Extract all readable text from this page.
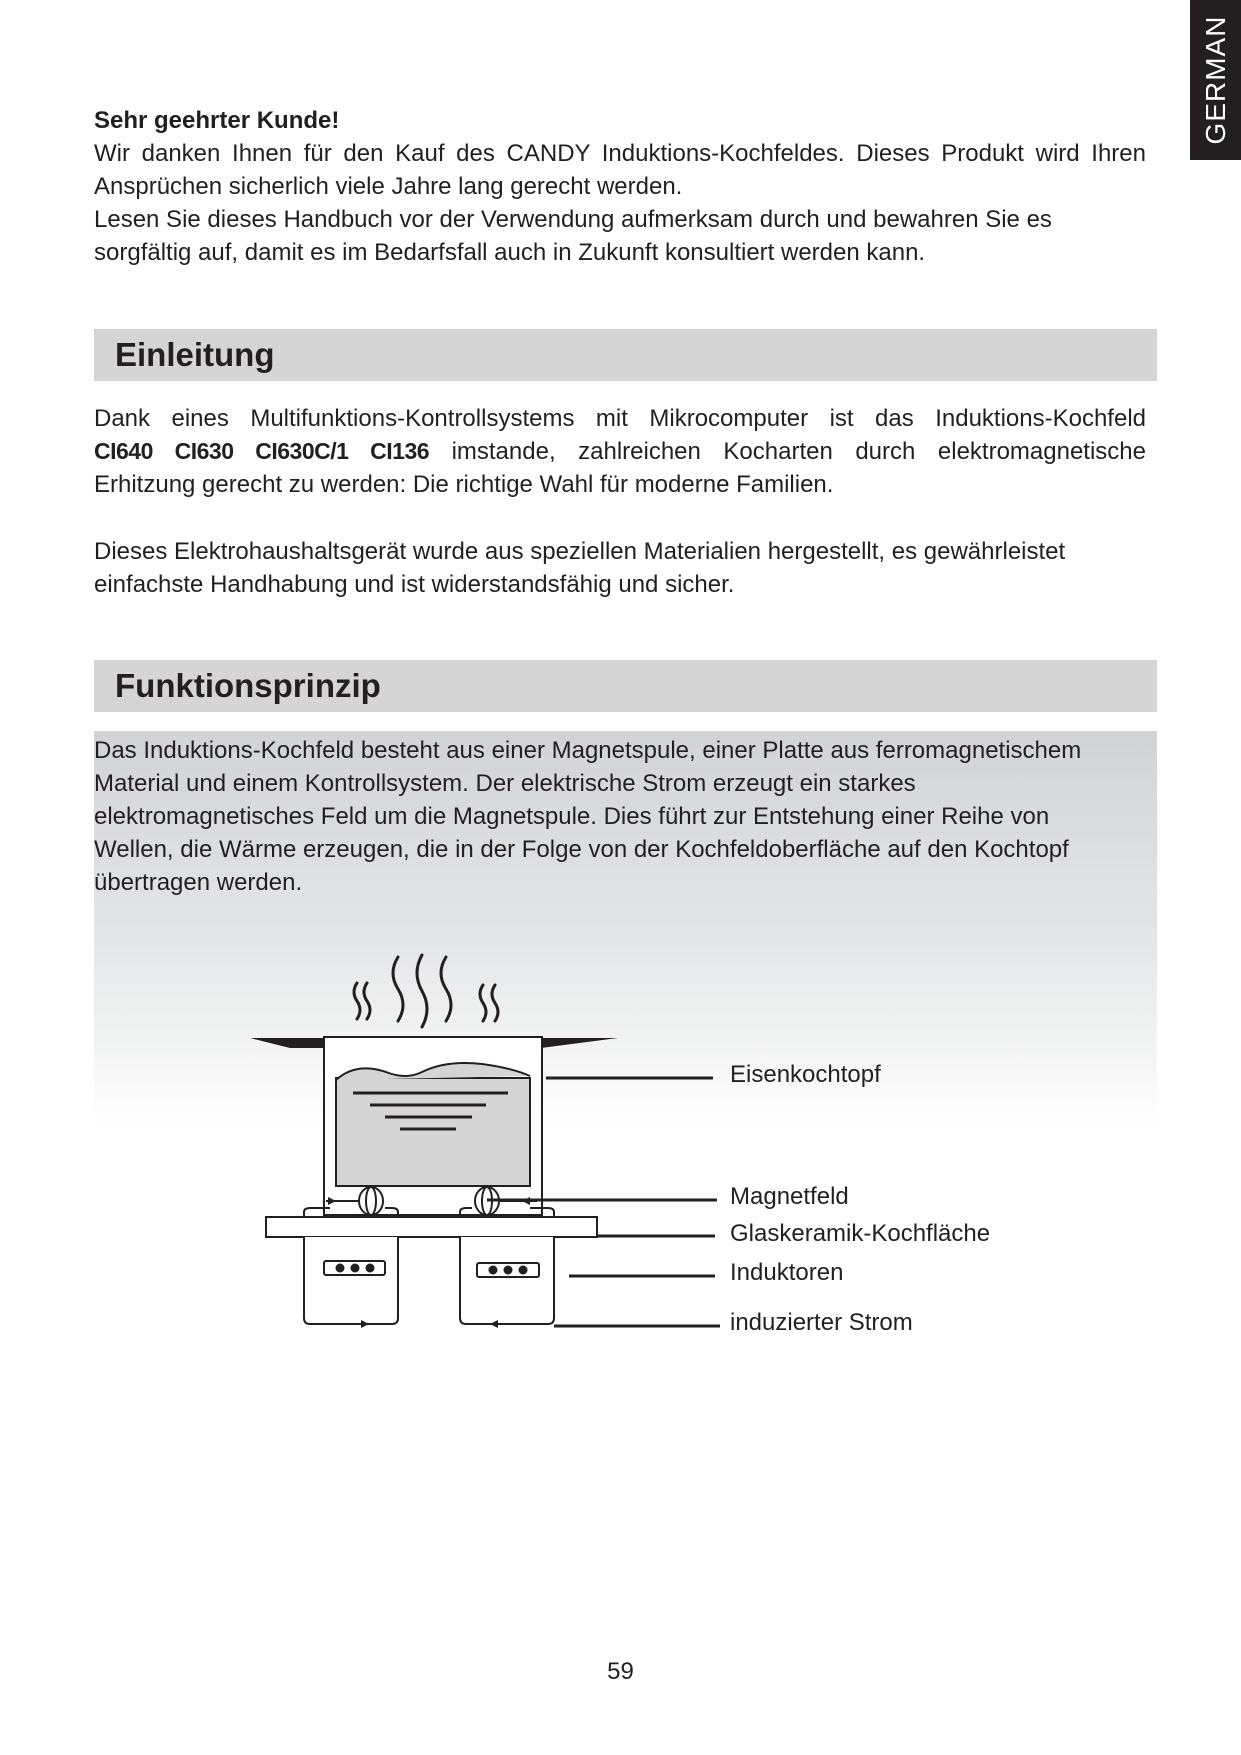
GERMAN
Sehr geehrter Kunde!
Wir danken Ihnen für den Kauf des CANDY Induktions-Kochfeldes. Dieses Produkt wird Ihren
Ansprüchen sicherlich viele Jahre lang gerecht werden.
Lesen Sie dieses Handbuch vor der Verwendung aufmerksam durch und bewahren Sie es
sorgfältig auf, damit es im Bedarfsfall auch in Zukunft konsultiert werden kann.
Einleitung
Dank eines Multifunktions-Kontrollsystems mit Mikrocomputer ist das Induktions-Kochfeld
CI640 CI630 CI630C/1 CI136 imstande, zahlreichen Kocharten durch elektromagnetische
Erhitzung gerecht zu werden: Die richtige Wahl für moderne Familien.
Dieses Elektrohaushaltsgerät wurde aus speziellen Materialien hergestellt, es gewährleistet
einfachste Handhabung und ist widerstandsfähig und sicher.
Funktionsprinzip
Das Induktions-Kochfeld besteht aus einer Magnetspule, einer Platte aus ferromagnetischem
Material und einem Kontrollsystem. Der elektrische Strom erzeugt ein starkes
elektromagnetisches Feld um die Magnetspule. Dies führt zur Entstehung einer Reihe von
Wellen, die Wärme erzeugen, die in der Folge von der Kochfeldoberfläche auf den Kochtopf
übertragen werden.
Eisenkochtopf
Magnetfeld
Glaskeramik-Kochfläche
Induktoren
induzierter Strom
59
